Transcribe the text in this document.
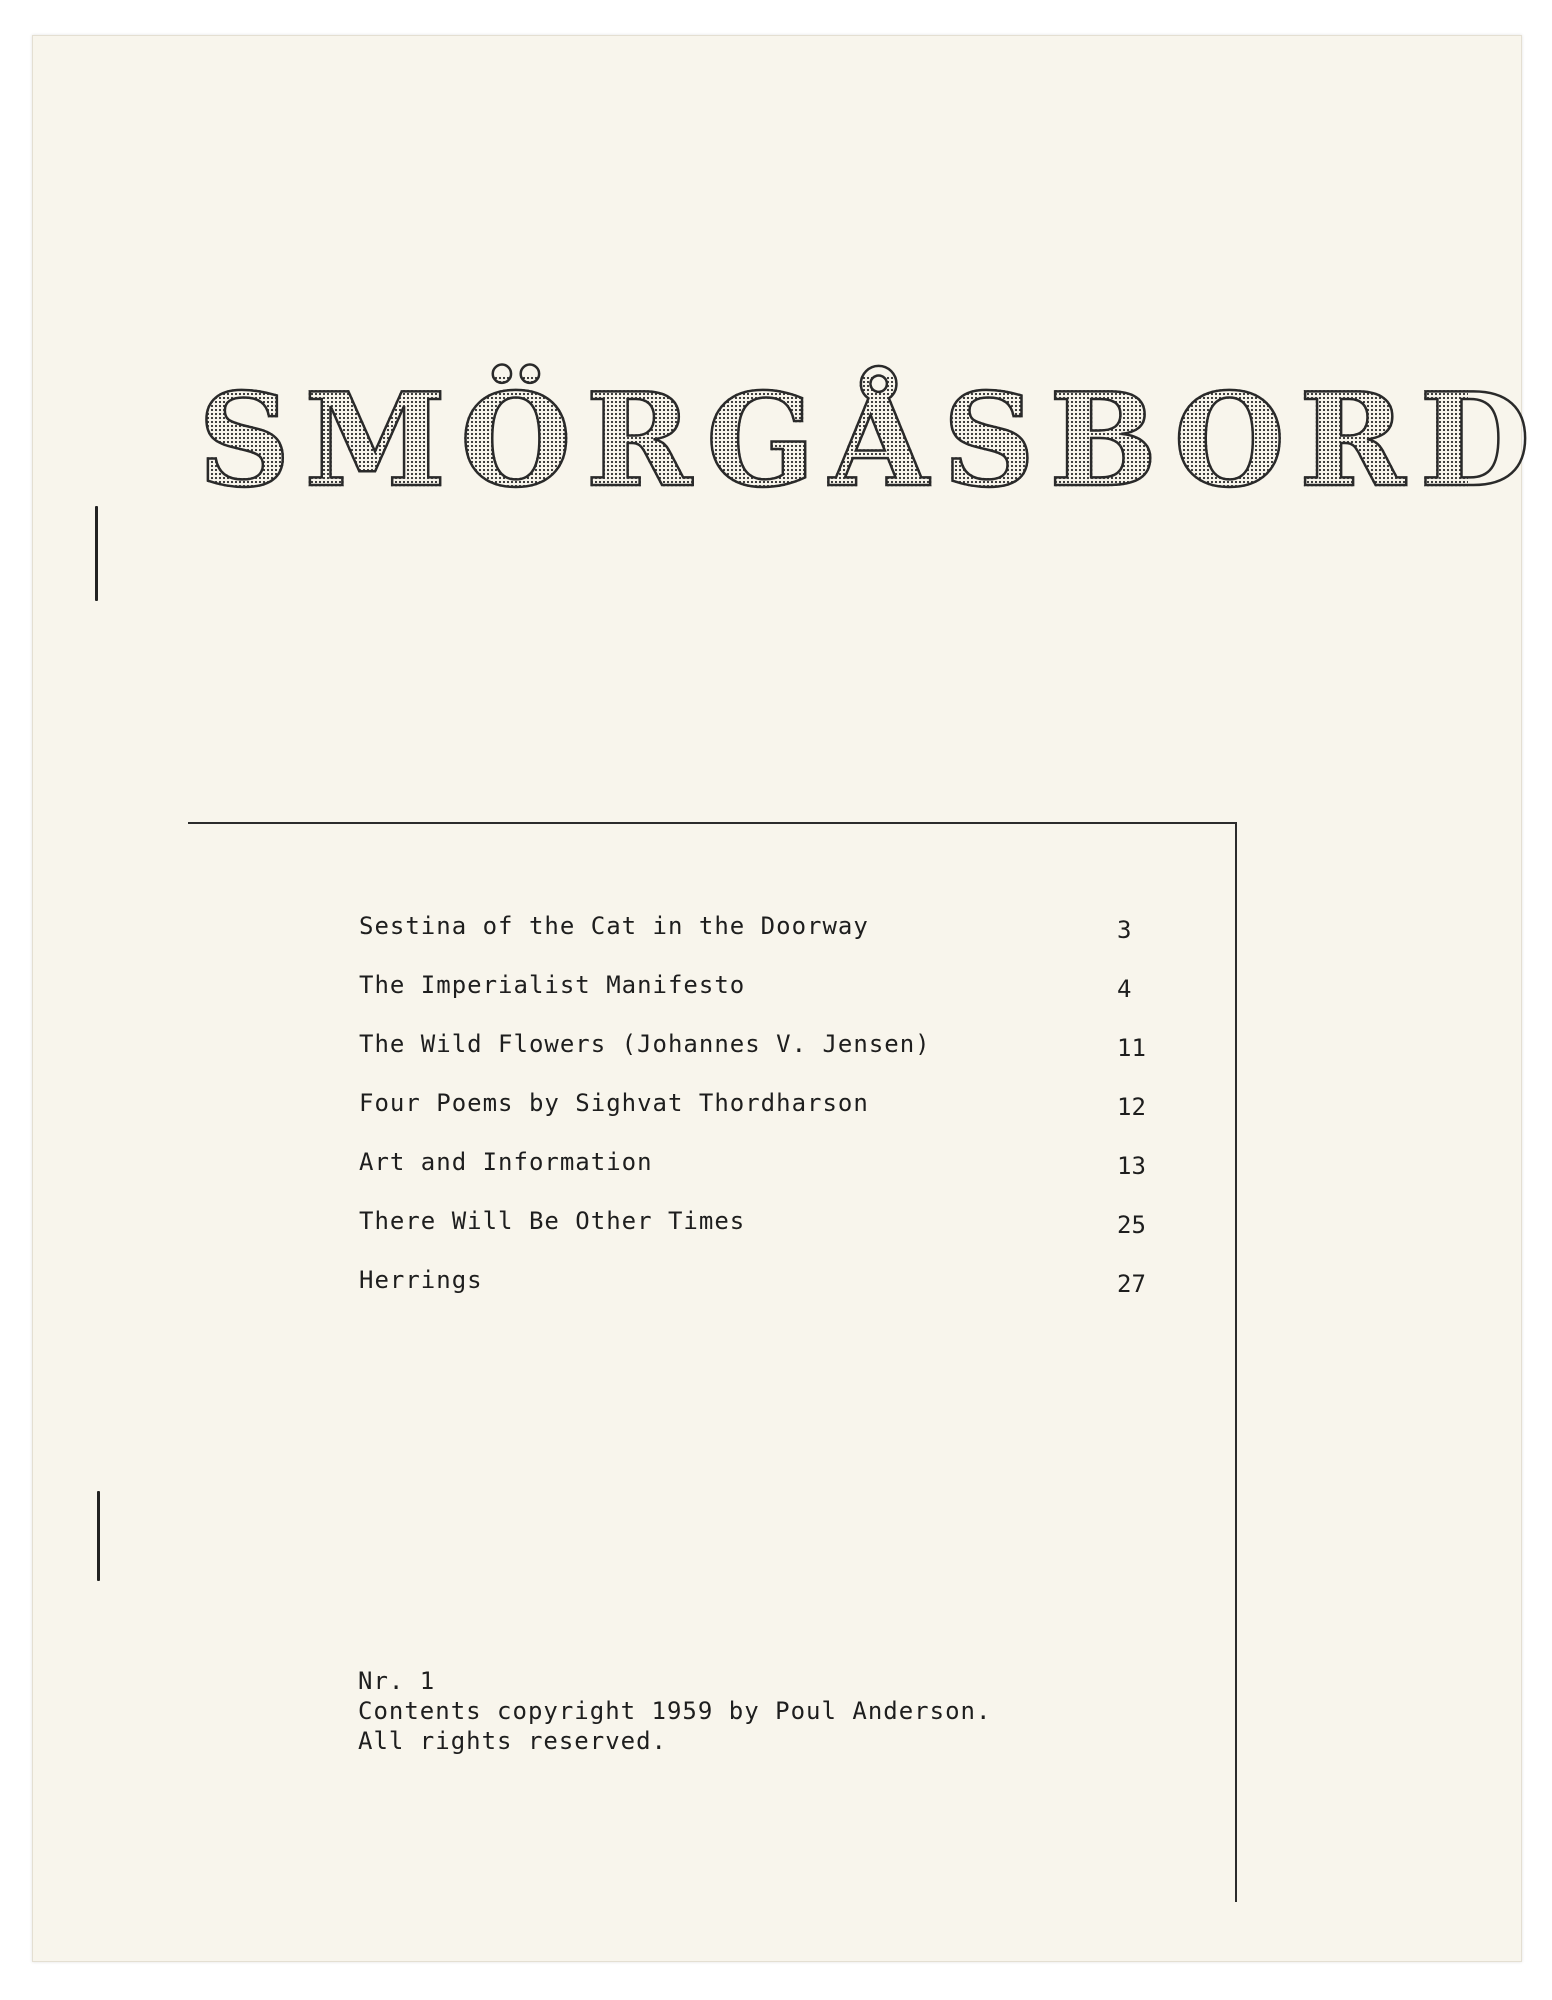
SMÖRGÅSBORD
Sestina of the Cat in the Doorway	3
The Imperialist Manifesto	4
The Wild Flowers (Johannes V. Jensen)	11
Four Poems by Sighvat Thordharson	12
Art and Information	13
There Will Be Other Times	25
Herrings	27
Nr. 1
Contents copyright 1959 by Poul Anderson.
All rights reserved.
